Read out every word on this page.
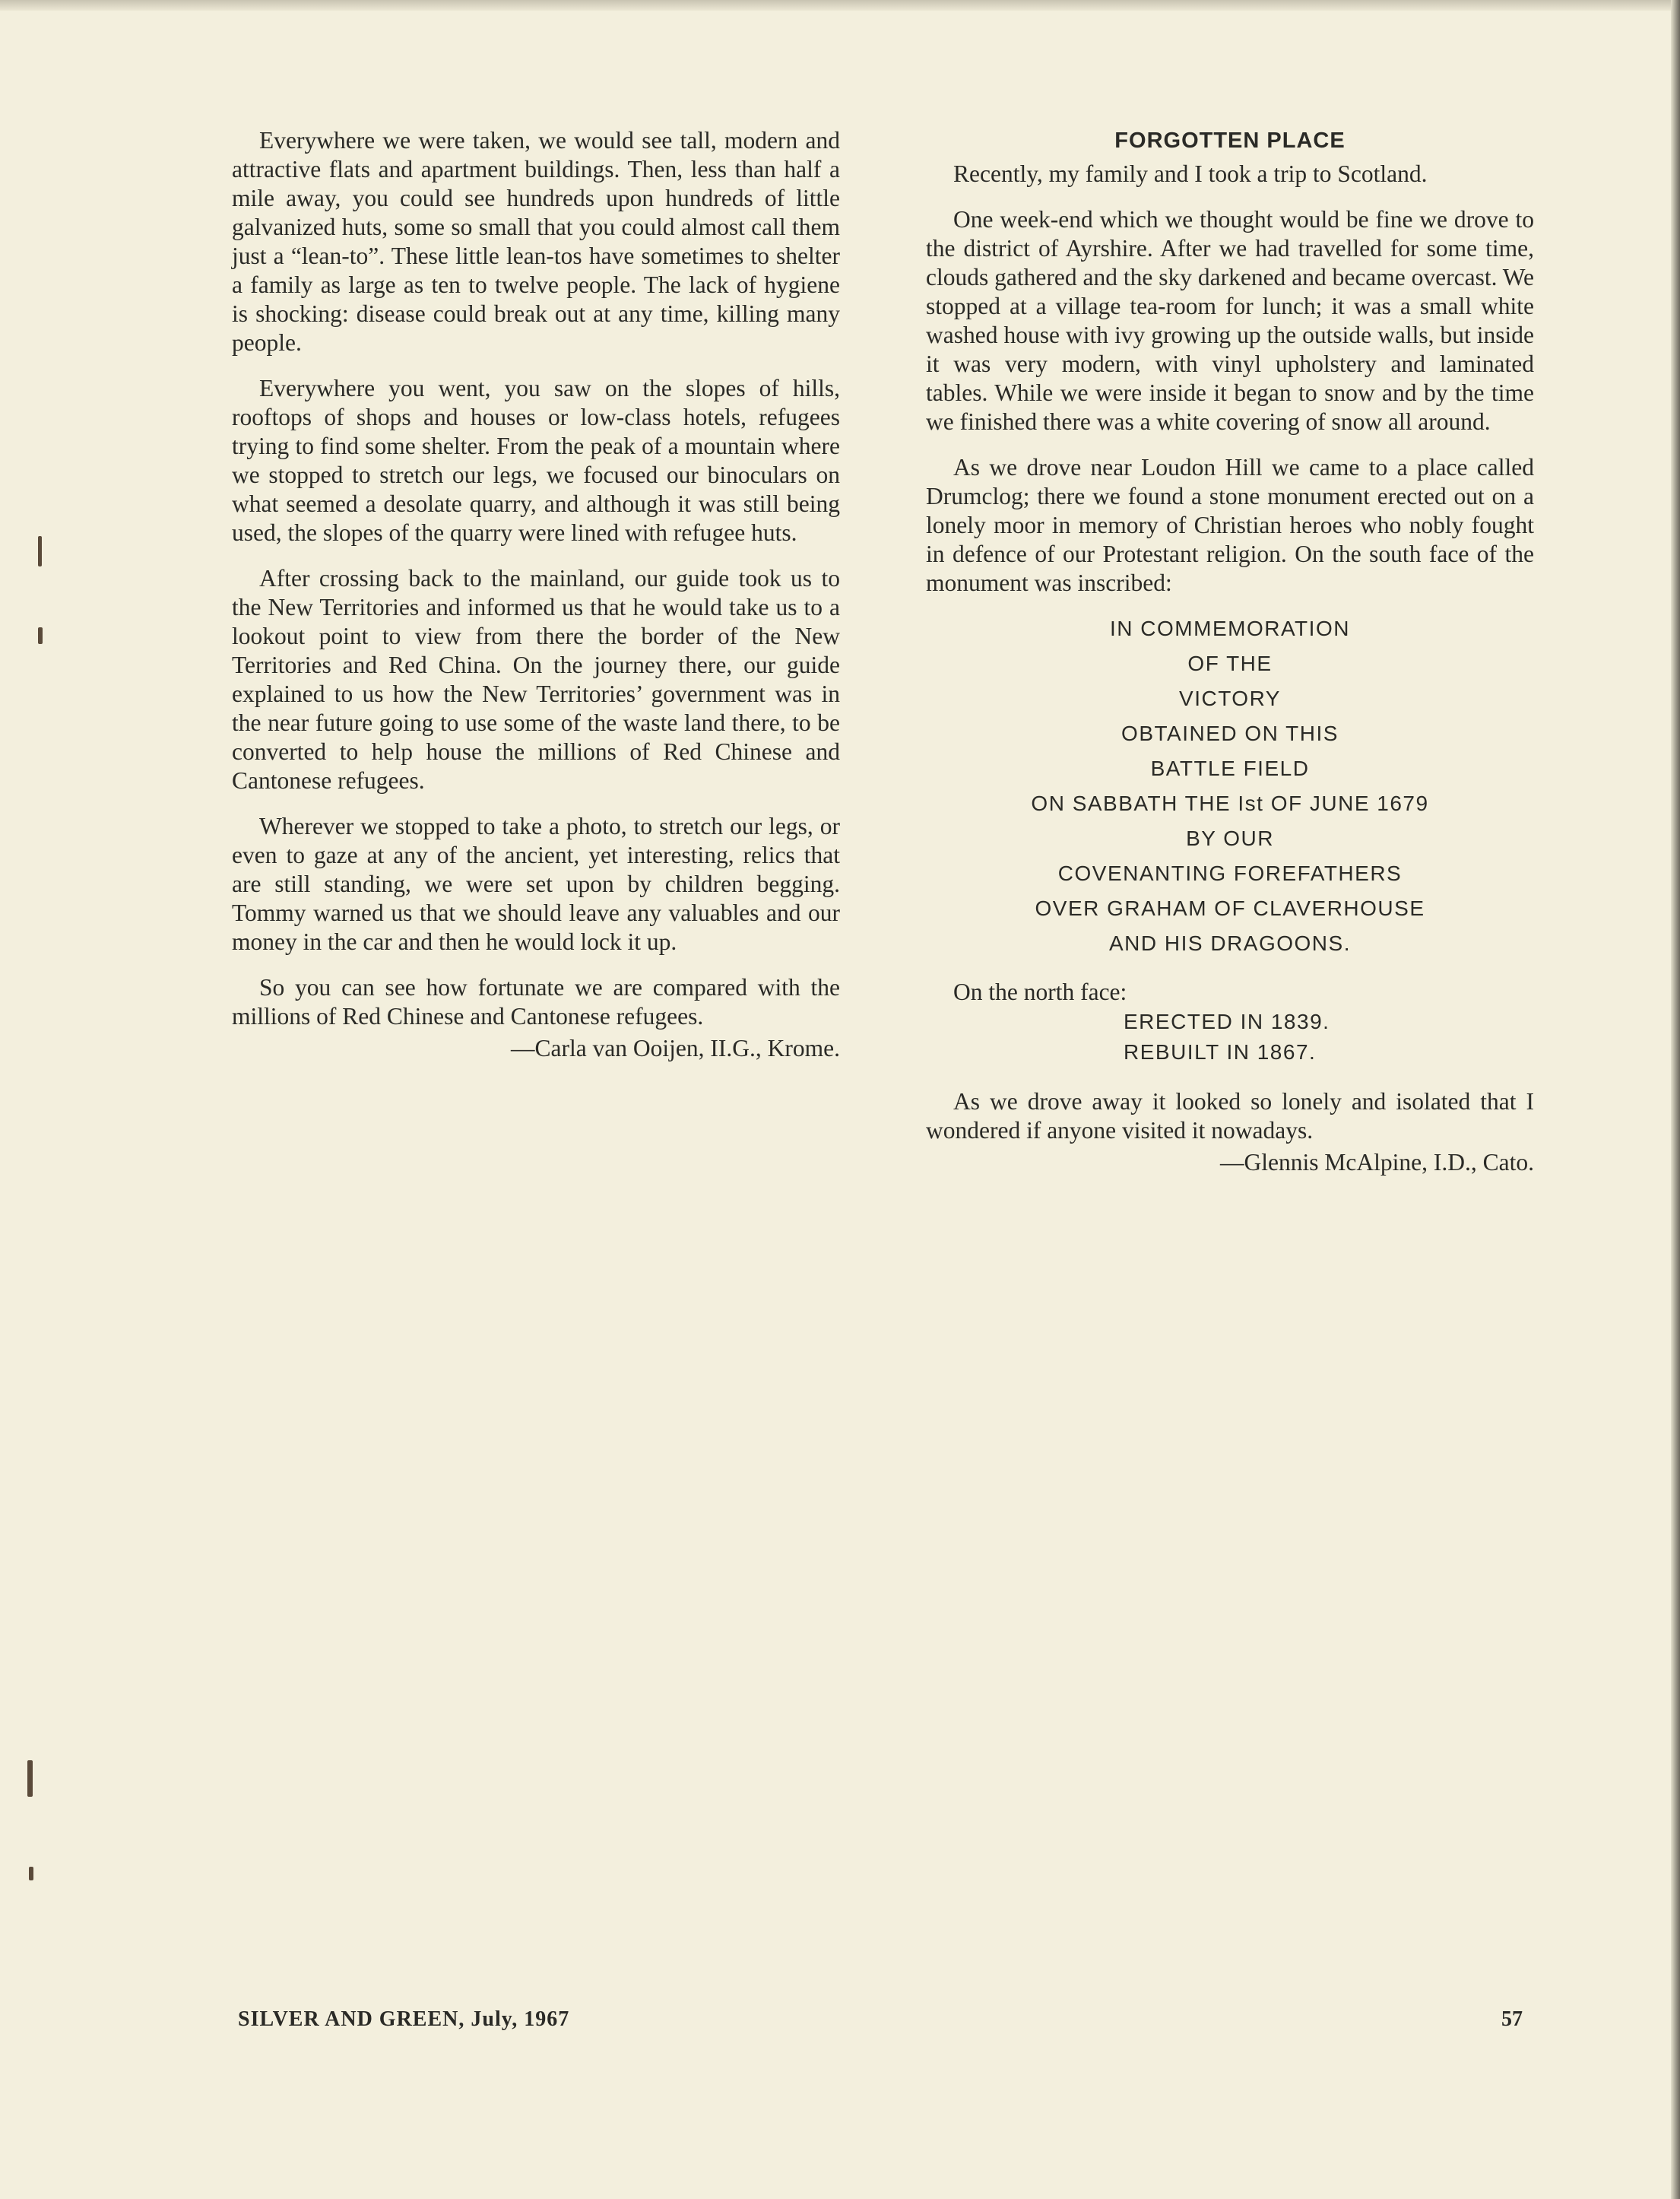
Everywhere we were taken, we would see tall, modern and attractive flats and apartment buildings. Then, less than half a mile away, you could see hundreds upon hundreds of little galvanized huts, some so small that you could almost call them just a “lean-to”. These little lean-tos have sometimes to shelter a family as large as ten to twelve people. The lack of hygiene is shocking: disease could break out at any time, killing many people.

Everywhere you went, you saw on the slopes of hills, rooftops of shops and houses or low-class hotels, refugees trying to find some shelter. From the peak of a mountain where we stopped to stretch our legs, we focused our binoculars on what seemed a desolate quarry, and although it was still being used, the slopes of the quarry were lined with refugee huts.

After crossing back to the mainland, our guide took us to the New Territories and informed us that he would take us to a lookout point to view from there the border of the New Territories and Red China. On the journey there, our guide explained to us how the New Territories’ government was in the near future going to use some of the waste land there, to be converted to help house the millions of Red Chinese and Cantonese refugees.

Wherever we stopped to take a photo, to stretch our legs, or even to gaze at any of the ancient, yet interesting, relics that are still standing, we were set upon by children begging. Tommy warned us that we should leave any valuables and our money in the car and then he would lock it up.

So you can see how fortunate we are compared with the millions of Red Chinese and Cantonese refugees.

—Carla van Ooijen, II.G., Krome.
FORGOTTEN PLACE

Recently, my family and I took a trip to Scotland.

One week-end which we thought would be fine we drove to the district of Ayrshire. After we had travelled for some time, clouds gathered and the sky darkened and became overcast. We stopped at a village tea-room for lunch; it was a small white washed house with ivy growing up the outside walls, but inside it was very modern, with vinyl upholstery and laminated tables. While we were inside it began to snow and by the time we finished there was a white covering of snow all around.

As we drove near Loudon Hill we came to a place called Drumclog; there we found a stone monument erected out on a lonely moor in memory of Christian heroes who nobly fought in defence of our Protestant religion. On the south face of the monument was inscribed:

IN COMMEMORATION
OF THE
VICTORY
OBTAINED ON THIS
BATTLE FIELD
ON SABBATH THE Ist OF JUNE 1679
BY OUR
COVENANTING FOREFATHERS
OVER GRAHAM OF CLAVERHOUSE
AND HIS DRAGOONS.

On the north face:

ERECTED IN 1839.
REBUILT IN 1867.

As we drove away it looked so lonely and isolated that I wondered if anyone visited it nowadays.

—Glennis McAlpine, I.D., Cato.
SILVER AND GREEN, July, 1967	57
